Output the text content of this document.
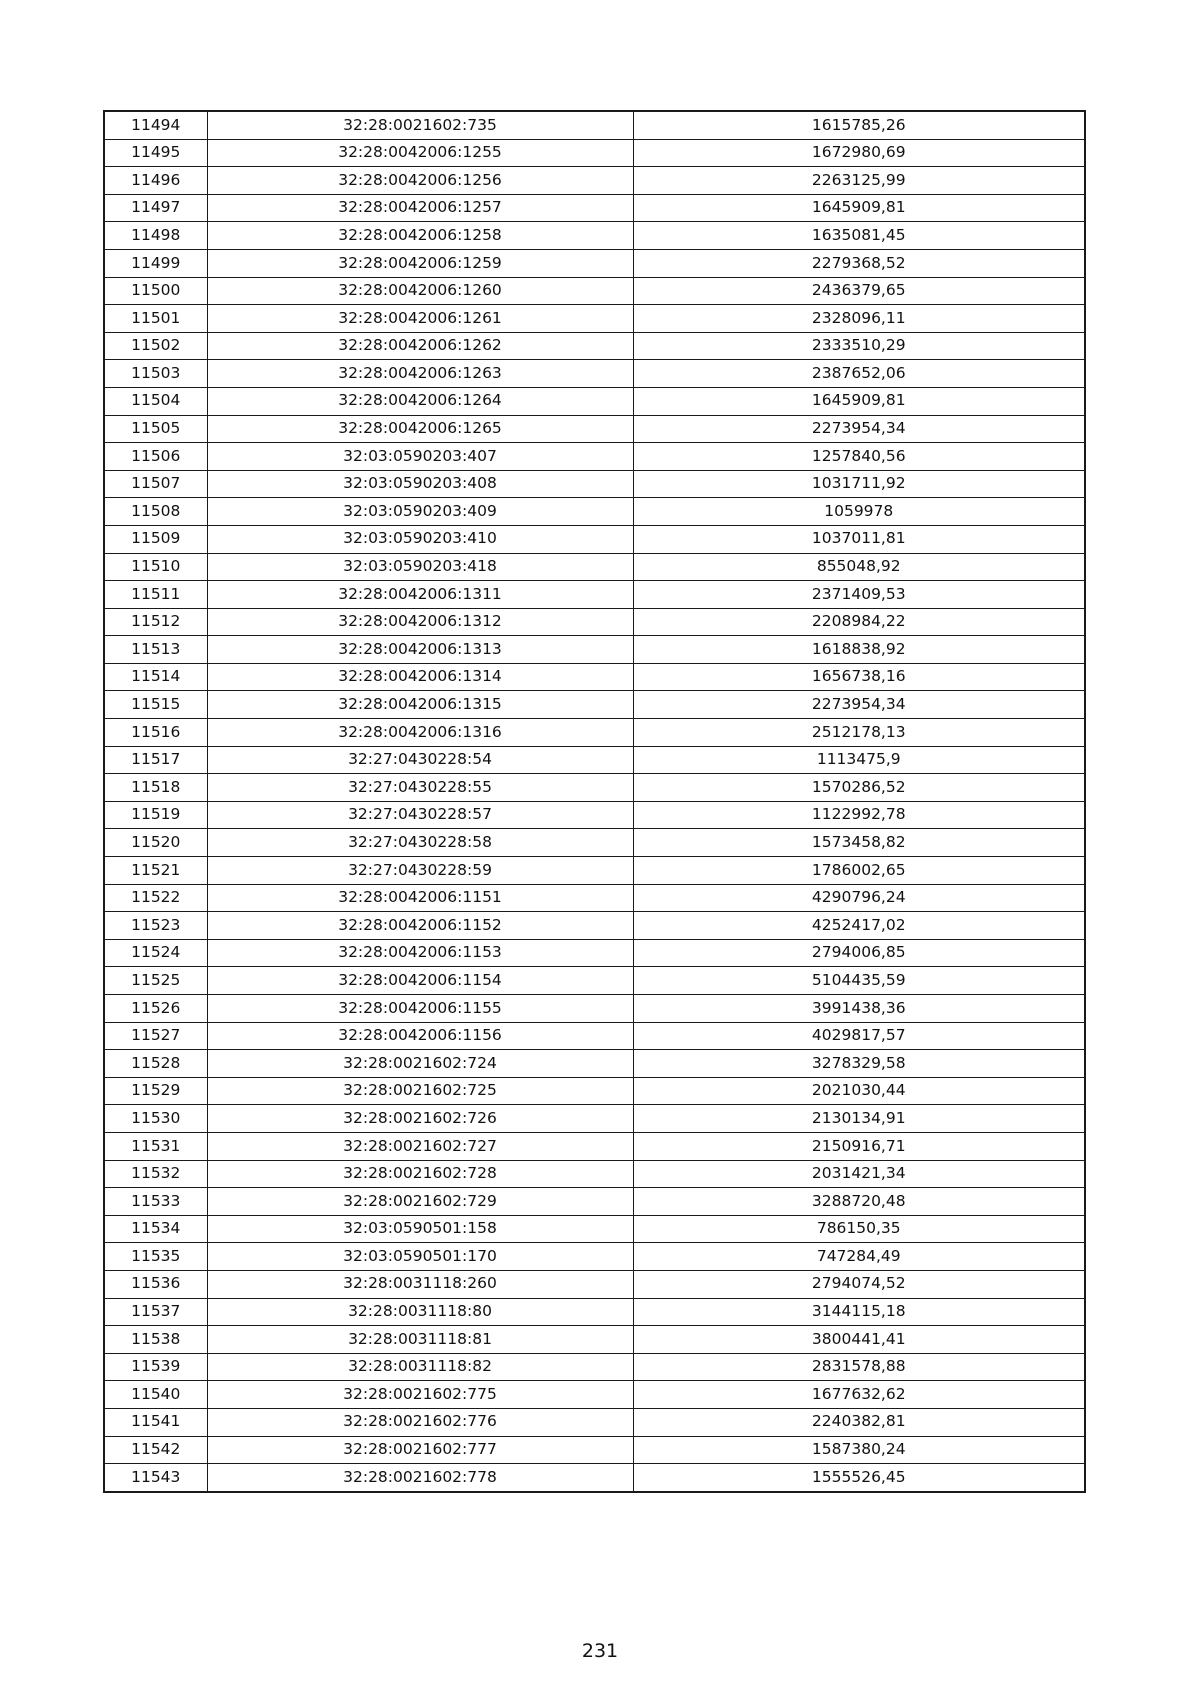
11494	32:28:0021602:735	1615785,26
11495	32:28:0042006:1255	1672980,69
11496	32:28:0042006:1256	2263125,99
11497	32:28:0042006:1257	1645909,81
11498	32:28:0042006:1258	1635081,45
11499	32:28:0042006:1259	2279368,52
11500	32:28:0042006:1260	2436379,65
11501	32:28:0042006:1261	2328096,11
11502	32:28:0042006:1262	2333510,29
11503	32:28:0042006:1263	2387652,06
11504	32:28:0042006:1264	1645909,81
11505	32:28:0042006:1265	2273954,34
11506	32:03:0590203:407	1257840,56
11507	32:03:0590203:408	1031711,92
11508	32:03:0590203:409	1059978
11509	32:03:0590203:410	1037011,81
11510	32:03:0590203:418	855048,92
11511	32:28:0042006:1311	2371409,53
11512	32:28:0042006:1312	2208984,22
11513	32:28:0042006:1313	1618838,92
11514	32:28:0042006:1314	1656738,16
11515	32:28:0042006:1315	2273954,34
11516	32:28:0042006:1316	2512178,13
11517	32:27:0430228:54	1113475,9
11518	32:27:0430228:55	1570286,52
11519	32:27:0430228:57	1122992,78
11520	32:27:0430228:58	1573458,82
11521	32:27:0430228:59	1786002,65
11522	32:28:0042006:1151	4290796,24
11523	32:28:0042006:1152	4252417,02
11524	32:28:0042006:1153	2794006,85
11525	32:28:0042006:1154	5104435,59
11526	32:28:0042006:1155	3991438,36
11527	32:28:0042006:1156	4029817,57
11528	32:28:0021602:724	3278329,58
11529	32:28:0021602:725	2021030,44
11530	32:28:0021602:726	2130134,91
11531	32:28:0021602:727	2150916,71
11532	32:28:0021602:728	2031421,34
11533	32:28:0021602:729	3288720,48
11534	32:03:0590501:158	786150,35
11535	32:03:0590501:170	747284,49
11536	32:28:0031118:260	2794074,52
11537	32:28:0031118:80	3144115,18
11538	32:28:0031118:81	3800441,41
11539	32:28:0031118:82	2831578,88
11540	32:28:0021602:775	1677632,62
11541	32:28:0021602:776	2240382,81
11542	32:28:0021602:777	1587380,24
11543	32:28:0021602:778	1555526,45
231
